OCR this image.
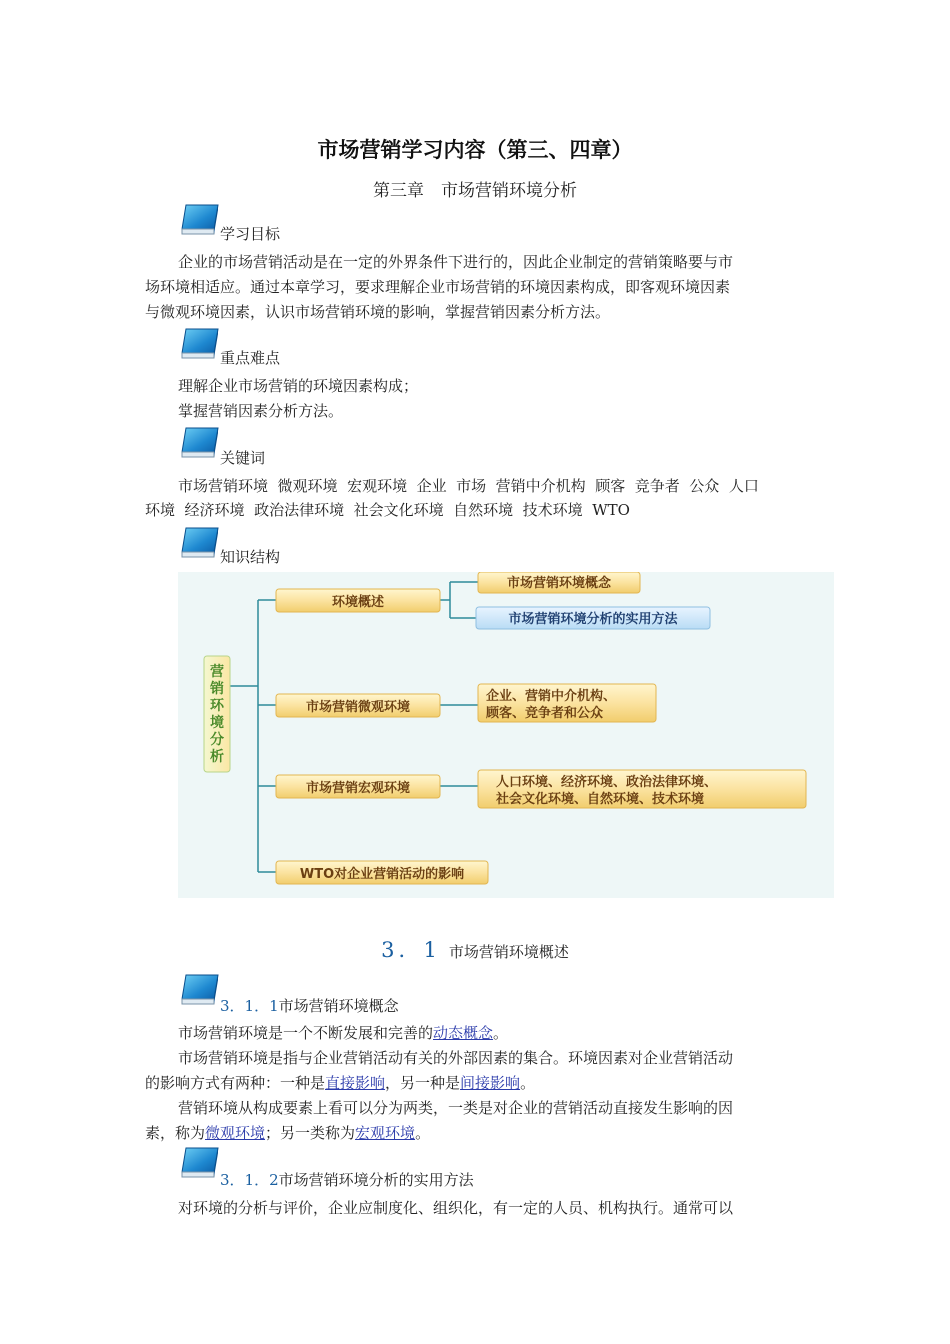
市场营销学习内容（第三、四章）
第三章　市场营销环境分析
学习目标
企业的市场营销活动是在一定的外界条件下进行的，因此企业制定的营销策略要与市
场环境相适应。通过本章学习，要求理解企业市场营销的环境因素构成，即客观环境因素
与微观环境因素，认识市场营销环境的影响，掌握营销因素分析方法。
重点难点
理解企业市场营销的环境因素构成；
掌握营销因素分析方法。
关键词
市场营销环境  微观环境  宏观环境  企业  市场  营销中介机构  顾客  竞争者  公众  人口
环境  经济环境  政治法律环境  社会文化环境  自然环境  技术环境  WTO
知识结构
营
销
环
境
分
析
环境概述
市场营销环境概念
市场营销环境分析的实用方法
市场营销微观环境
企业、营销中介机构、
顾客、竞争者和公众
市场营销宏观环境	人口环境、经济环境、政治法律环境、
社会文化环境、自然环境、技术环境
WTO对企业营销活动的影响
3．1 市场营销环境概述
3．1．1市场营销环境概念
市场营销环境是一个不断发展和完善的动态概念。
市场营销环境是指与企业营销活动有关的外部因素的集合。环境因素对企业营销活动
的影响方式有两种：一种是直接影响，另一种是间接影响。
营销环境从构成要素上看可以分为两类，一类是对企业的营销活动直接发生影响的因
素，称为微观环境；另一类称为宏观环境。
3．1．2市场营销环境分析的实用方法
对环境的分析与评价，企业应制度化、组织化，有一定的人员、机构执行。通常可以
